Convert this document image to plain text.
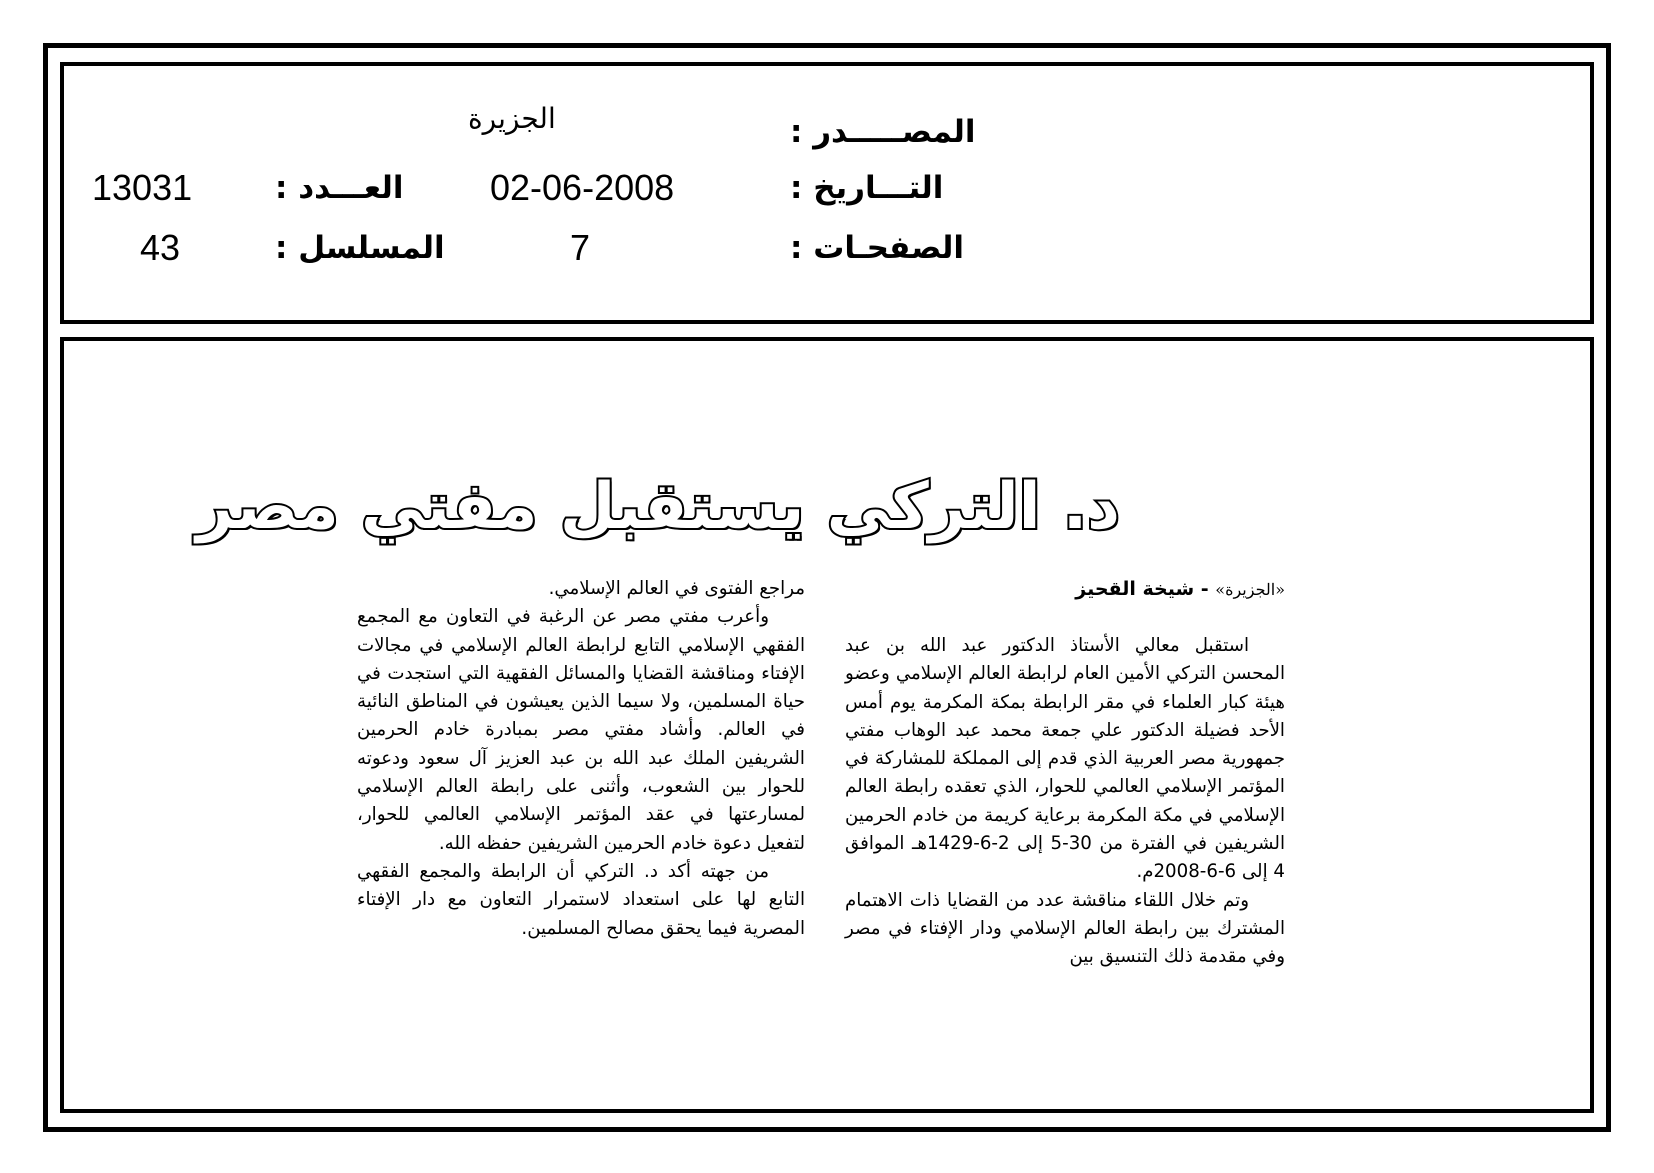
المصـــــدر :
الجزيرة
التـــاريخ :
02-06-2008
العـــدد :
13031
الصفحـات :
7
المسلسل :
43
د. التركي يستقبل مفتي مصر
«الجزيرة» - شيخة القحيز

استقبل معالي الأستاذ الدكتور عبد الله بن عبد المحسن التركي الأمين العام لرابطة العالم الإسلامي وعضو هيئة كبار العلماء في مقر الرابطة بمكة المكرمة يوم أمس الأحد فضيلة الدكتور علي جمعة محمد عبد الوهاب مفتي جمهورية مصر العربية الذي قدم إلى المملكة للمشاركة في المؤتمر الإسلامي العالمي للحوار، الذي تعقده رابطة العالم الإسلامي في مكة المكرمة برعاية كريمة من خادم الحرمين الشريفين في الفترة من 30-5 إلى 2-6-1429هـ الموافق 4 إلى 6-6-2008م.

وتم خلال اللقاء مناقشة عدد من القضايا ذات الاهتمام المشترك بين رابطة العالم الإسلامي ودار الإفتاء في مصر وفي مقدمة ذلك التنسيق بين

مراجع الفتوى في العالم الإسلامي.

وأعرب مفتي مصر عن الرغبة في التعاون مع المجمع الفقهي الإسلامي التابع لرابطة العالم الإسلامي في مجالات الإفتاء ومناقشة القضايا والمسائل الفقهية التي استجدت في حياة المسلمين، ولا سيما الذين يعيشون في المناطق النائية في العالم. وأشاد مفتي مصر بمبادرة خادم الحرمين الشريفين الملك عبد الله بن عبد العزيز آل سعود ودعوته للحوار بين الشعوب، وأثنى على رابطة العالم الإسلامي لمسارعتها في عقد المؤتمر الإسلامي العالمي للحوار، لتفعيل دعوة خادم الحرمين الشريفين حفظه الله.

من جهته أكد د. التركي أن الرابطة والمجمع الفقهي التابع لها على استعداد لاستمرار التعاون مع دار الإفتاء المصرية فيما يحقق مصالح المسلمين.
